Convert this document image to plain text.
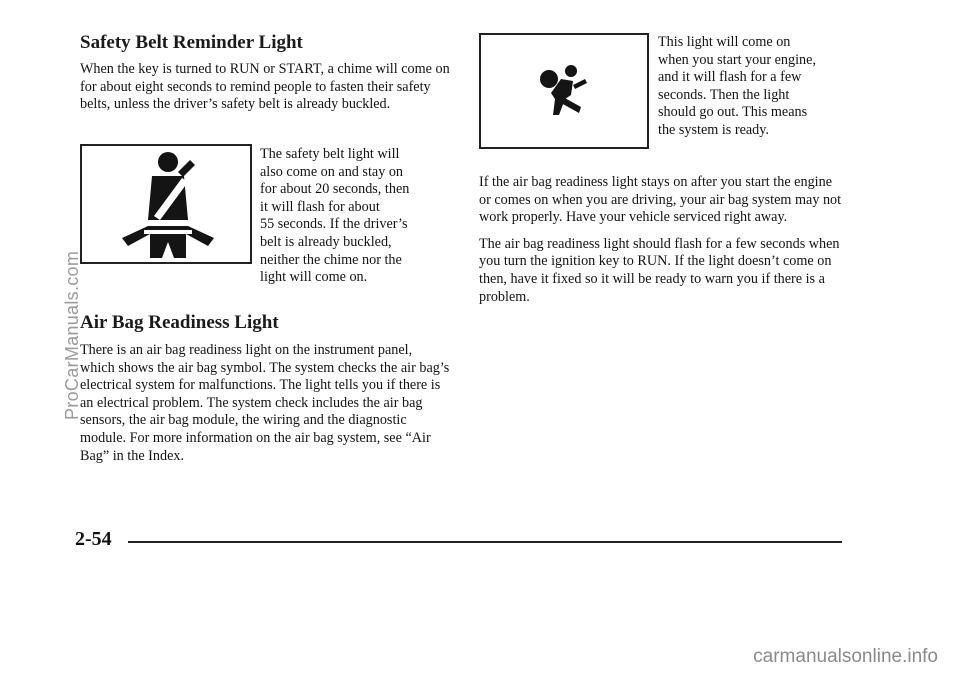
Safety Belt Reminder Light

When the key is turned to RUN or START, a chime will come on for about eight seconds to remind people to fasten their safety belts, unless the driver’s safety belt is already buckled.

The safety belt light will
also come on and stay on
for about 20 seconds, then
it will flash for about
55 seconds. If the driver’s
belt is already buckled,
neither the chime nor the
light will come on.
Air Bag Readiness Light

There is an air bag readiness light on the instrument panel, which shows the air bag symbol. The system checks the air bag’s electrical system for malfunctions. The light tells you if there is an electrical problem. The system check includes the air bag sensors, the air bag module, the wiring and the diagnostic module. For more information on the air bag system, see “Air Bag” in the Index.

This light will come on
when you start your engine,
and it will flash for a few
seconds. Then the light
should go out. This means
the system is ready.

If the air bag readiness light stays on after you start the engine or comes on when you are driving, your air bag system may not work properly. Have your vehicle serviced right away.

The air bag readiness light should flash for a few seconds when you turn the ignition key to RUN. If the light doesn’t come on then, have it fixed so it will be ready to warn you if there is a problem.

2-54
ProCarManuals.com
carmanualsonline.info
